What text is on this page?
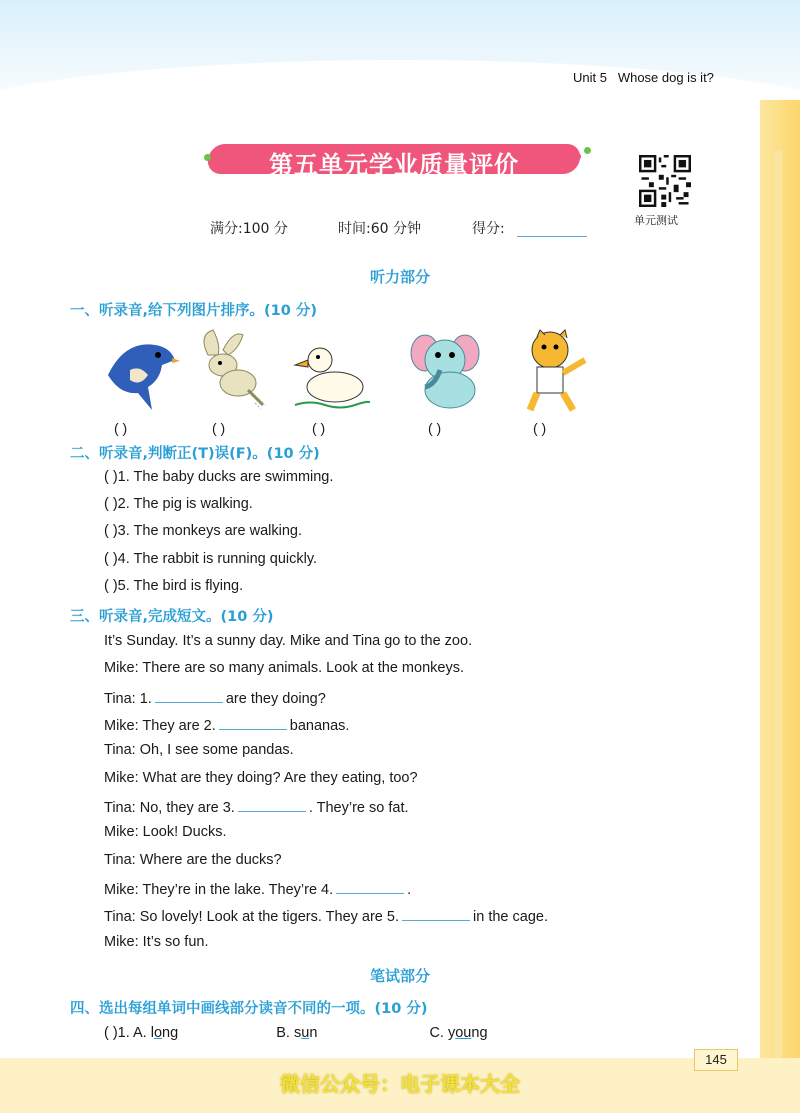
Unit 5 Whose dog is it?
第五单元学业质量评价
单元测试
满分:100 分	时间:60 分钟	得分:
听力部分
一、听录音,给下列图片排序。(10 分)
( )	( )	( )	( )	( )
二、听录音,判断正(T)误(F)。(10 分)
( )1. The baby ducks are swimming.
( )2. The pig is walking.
( )3. The monkeys are walking.
( )4. The rabbit is running quickly.
( )5. The bird is flying.
三、听录音,完成短文。(10 分)
It’s Sunday. It’s a sunny day. Mike and Tina go to the zoo.
Mike: There are so many animals. Look at the monkeys.
Tina: 1.	are they doing?
Mike: They are 2.	bananas.
Tina: Oh, I see some pandas.
Mike: What are they doing? Are they eating, too?
Tina: No, they are 3.	. They’re so fat.
Mike: Look! Ducks.
Tina: Where are the ducks?
Mike: They’re in the lake. They’re 4.	.
Tina: So lovely! Look at the tigers. They are 5.	in the cage.
Mike: It’s so fun.
笔试部分
四、选出每组单词中画线部分读音不同的一项。(10 分)
( )1. A. long	B. sun	C. young
145
微信公众号：电子课本大全
